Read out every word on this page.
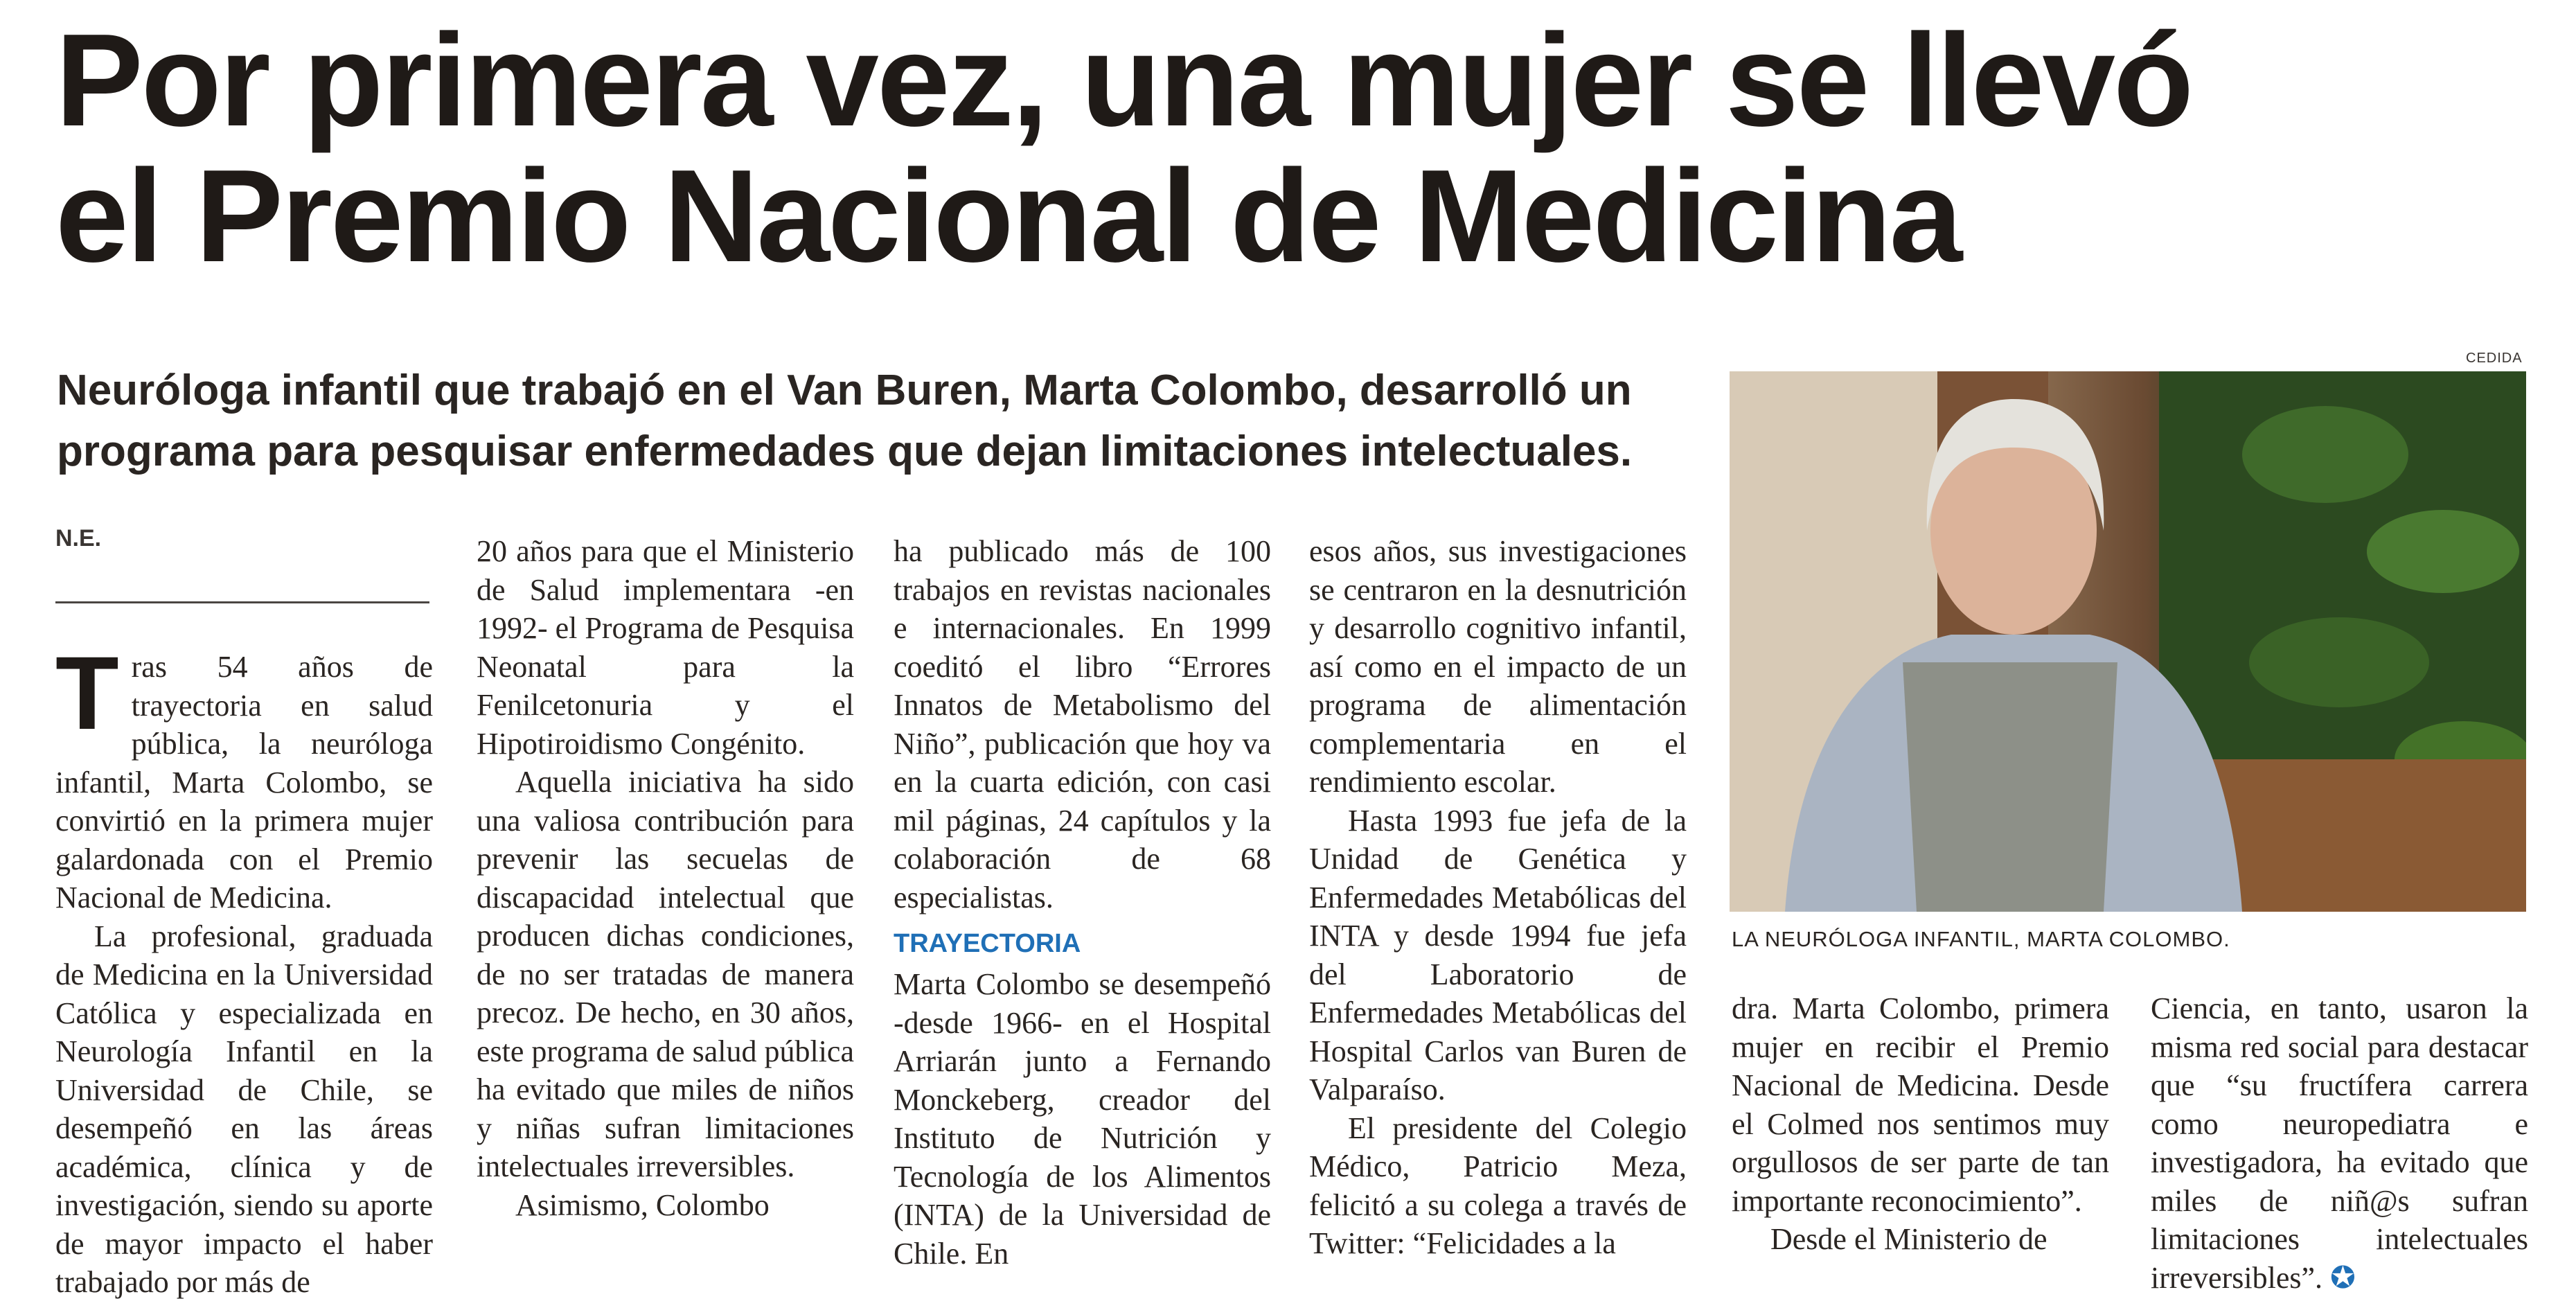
Por primera vez, una mujer se llevó
el Premio Nacional de Medicina
Neuróloga infantil que trabajó en el Van Buren, Marta Colombo, desarrolló un
programa para pesquisar enfermedades que dejan limitaciones intelectuales.
N.E.

Tras 54 años de trayectoria en salud pública, la neuróloga infantil, Marta Colombo, se convirtió en la primera mujer galardonada con el Premio Nacional de Medicina.

La profesional, graduada de Medicina en la Universidad Católica y especializada en Neurología Infantil en la Universidad de Chile, se desempeñó en las áreas académica, clínica y de investigación, siendo su aporte de mayor impacto el haber trabajado por más de

20 años para que el Ministerio de Salud implementara -en 1992- el Programa de Pesquisa Neonatal para la Fenilcetonuria y el Hipotiroidismo Congénito.

Aquella iniciativa ha sido una valiosa contribución para prevenir las secuelas de discapacidad intelectual que producen dichas condiciones, de no ser tratadas de manera precoz. De hecho, en 30 años, este programa de salud pública ha evitado que miles de niños y niñas sufran limitaciones intelectuales irreversibles.

Asimismo, Colombo

ha publicado más de 100 trabajos en revistas nacionales e internacionales. En 1999 coeditó el libro “Errores Innatos de Metabolismo del Niño”, publicación que hoy va en la cuarta edición, con casi mil páginas, 24 capítulos y la colaboración de 68 especialistas.

TRAYECTORIA

Marta Colombo se desempeñó -desde 1966- en el Hospital Arriarán junto a Fernando Monckeberg, creador del Instituto de Nutrición y Tecnología de los Alimentos (INTA) de la Universidad de Chile. En

esos años, sus investigaciones se centraron en la desnutrición y desarrollo cognitivo infantil, así como en el impacto de un programa de alimentación complementaria en el rendimiento escolar.

Hasta 1993 fue jefa de la Unidad de Genética y Enfermedades Metabólicas del INTA y desde 1994 fue jefa del Laboratorio de Enfermedades Metabólicas del Hospital Carlos van Buren de Valparaíso.

El presidente del Colegio Médico, Patricio Meza, felicitó a su colega a través de Twitter: “Felicidades a la

CEDIDA
LA NEURÓLOGA INFANTIL, MARTA COLOMBO.

dra. Marta Colombo, primera mujer en recibir el Premio Nacional de Medicina. Desde el Colmed nos sentimos muy orgullosos de ser parte de tan importante reconocimiento”.

Desde el Ministerio de

Ciencia, en tanto, usaron la misma red social para destacar que “su fructífera carrera como neuropediatra e investigadora, ha evitado que miles de niñ@s sufran limitaciones intelectuales irreversibles”. ✪
